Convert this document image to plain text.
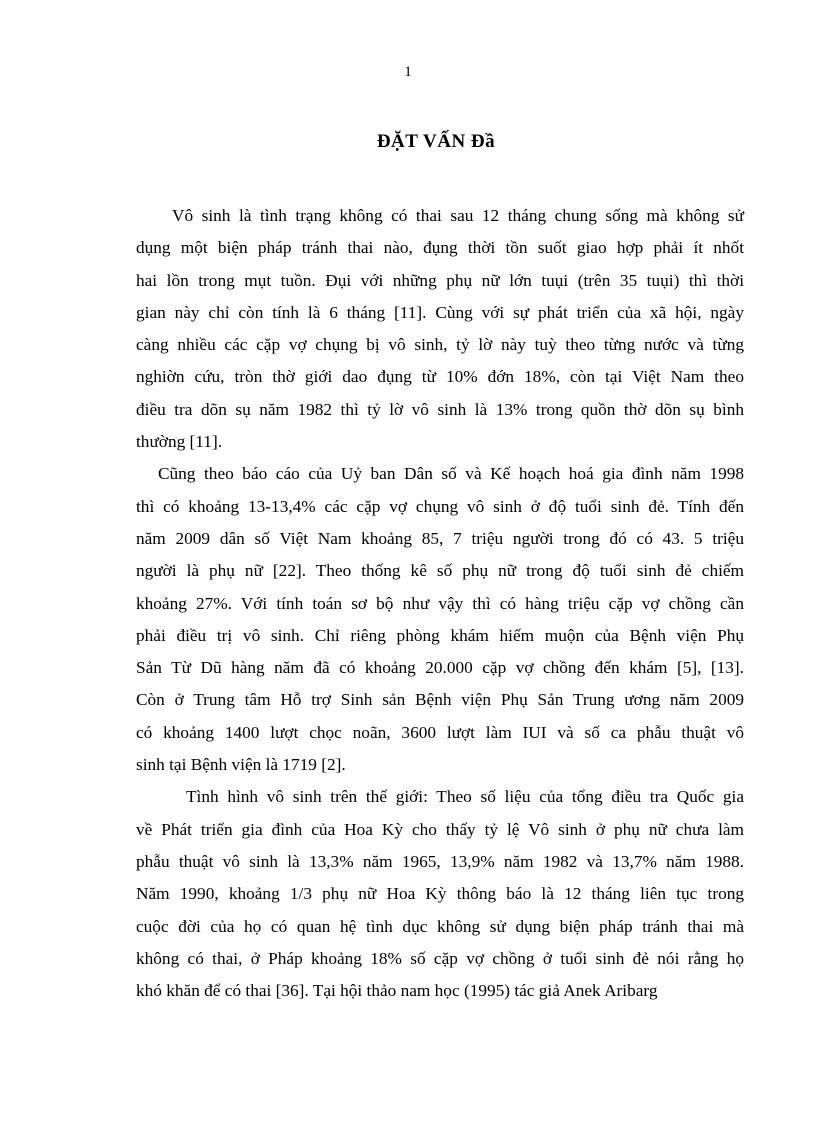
1
ĐẶT VẤN Đầ
Vô sinh là tình trạng không có thai sau 12 tháng chung sống mà không sử
dụng một biện pháp tránh thai nào, đụng thời tồn suốt giao hợp phải ít nhốt
hai lồn trong mụt tuồn. Đụi với những phụ nữ lớn tuụi (trên 35 tuụi) thì thời
gian này chỉ còn tính là 6 tháng [11]. Cùng với sự phát triển của xã hội, ngày
càng nhiều các cặp vợ chụng bị vô sinh, tỷ lờ này tuỳ theo từng nước và từng
nghiờn cứu, tròn thờ giới dao đụng từ 10% đớn 18%, còn tại Việt Nam theo
điều tra dõn sụ năm 1982 thì tỷ lờ vô sinh là 13% trong quồn thờ dõn sụ bình
thường [11].
Cũng theo báo cáo của Uỷ ban Dân số và Kế hoạch hoá gia đình năm 1998
thì có khoảng 13-13,4% các cặp vợ chụng vô sinh ở độ tuổi sinh đẻ. Tính đến
năm 2009 dân số Việt Nam khoảng 85, 7 triệu người trong đó có 43. 5 triệu
người là phụ nữ [22]. Theo thống kê số phụ nữ trong độ tuổi sinh đẻ chiếm
khoảng 27%. Với tính toán sơ bộ như vậy thì có hàng triệu cặp vợ chồng cần
phải điều trị vô sinh. Chỉ riêng phòng khám hiếm muộn của Bệnh viện Phụ
Sản Từ Dũ hàng năm đã có khoảng 20.000 cặp vợ chồng đến khám [5], [13].
Còn ở Trung tâm Hỗ trợ Sinh sản Bệnh viện Phụ Sản Trung ương năm 2009
có khoảng 1400 lượt chọc noãn, 3600 lượt làm IUI và số ca phẫu thuật vô
sinh tại Bệnh viện là 1719 [2].
Tình hình vô sinh trên thế giới: Theo số liệu của tổng điều tra Quốc gia
về Phát triển gia đình của Hoa Kỳ cho thấy tỷ lệ Vô sinh ở phụ nữ chưa làm
phẫu thuật vô sinh là 13,3% năm 1965, 13,9% năm 1982 và 13,7% năm 1988.
Năm 1990, khoảng 1/3 phụ nữ Hoa Kỳ thông báo là 12 tháng liên tục trong
cuộc đời của họ có quan hệ tình dục không sử dụng biện pháp tránh thai mà
không có thai, ở Pháp khoảng 18% số cặp vợ chồng ở tuổi sinh đẻ nói rằng họ
khó khăn để có thai [36]. Tại hội thảo nam học (1995) tác giả Anek Aribarg
